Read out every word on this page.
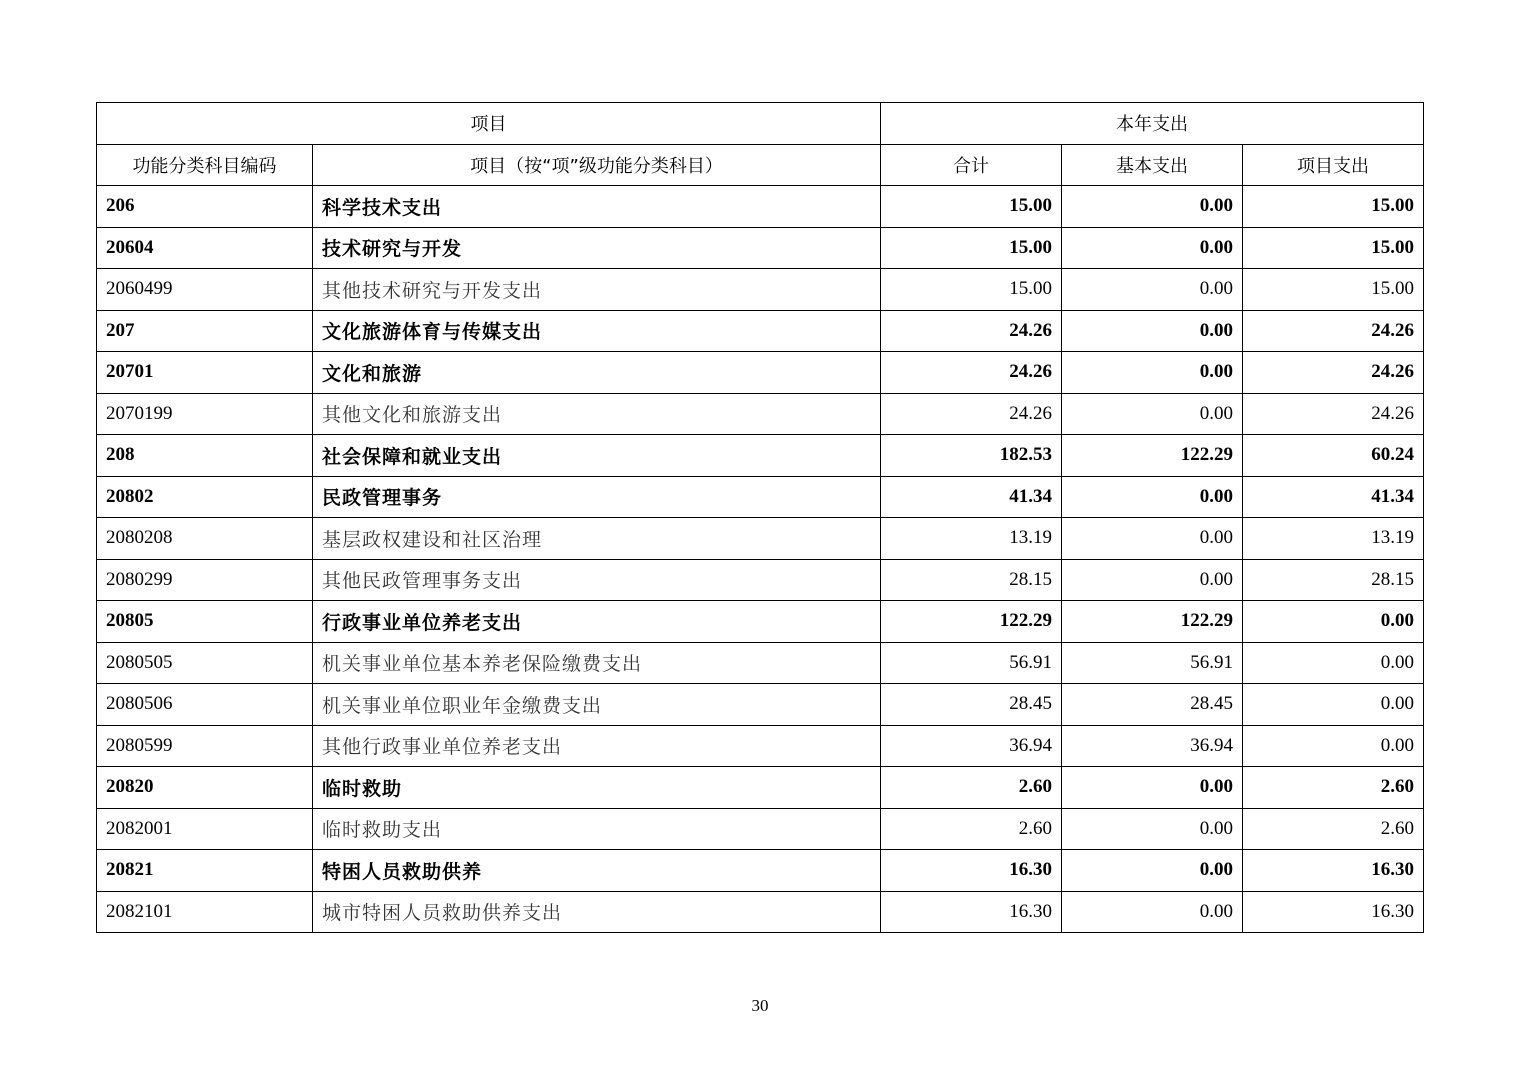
项目		本年支出		
功能分类科目编码	项目（按“项”级功能分类科目）	合计	基本支出	项目支出
206	科学技术支出	15.00	0.00	15.00
20604	技术研究与开发	15.00	0.00	15.00
2060499	其他技术研究与开发支出	15.00	0.00	15.00
207	文化旅游体育与传媒支出	24.26	0.00	24.26
20701	文化和旅游	24.26	0.00	24.26
2070199	其他文化和旅游支出	24.26	0.00	24.26
208	社会保障和就业支出	182.53	122.29	60.24
20802	民政管理事务	41.34	0.00	41.34
2080208	基层政权建设和社区治理	13.19	0.00	13.19
2080299	其他民政管理事务支出	28.15	0.00	28.15
20805	行政事业单位养老支出	122.29	122.29	0.00
2080505	机关事业单位基本养老保险缴费支出	56.91	56.91	0.00
2080506	机关事业单位职业年金缴费支出	28.45	28.45	0.00
2080599	其他行政事业单位养老支出	36.94	36.94	0.00
20820	临时救助	2.60	0.00	2.60
2082001	临时救助支出	2.60	0.00	2.60
20821	特困人员救助供养	16.30	0.00	16.30
2082101	城市特困人员救助供养支出	16.30	0.00	16.30
30
